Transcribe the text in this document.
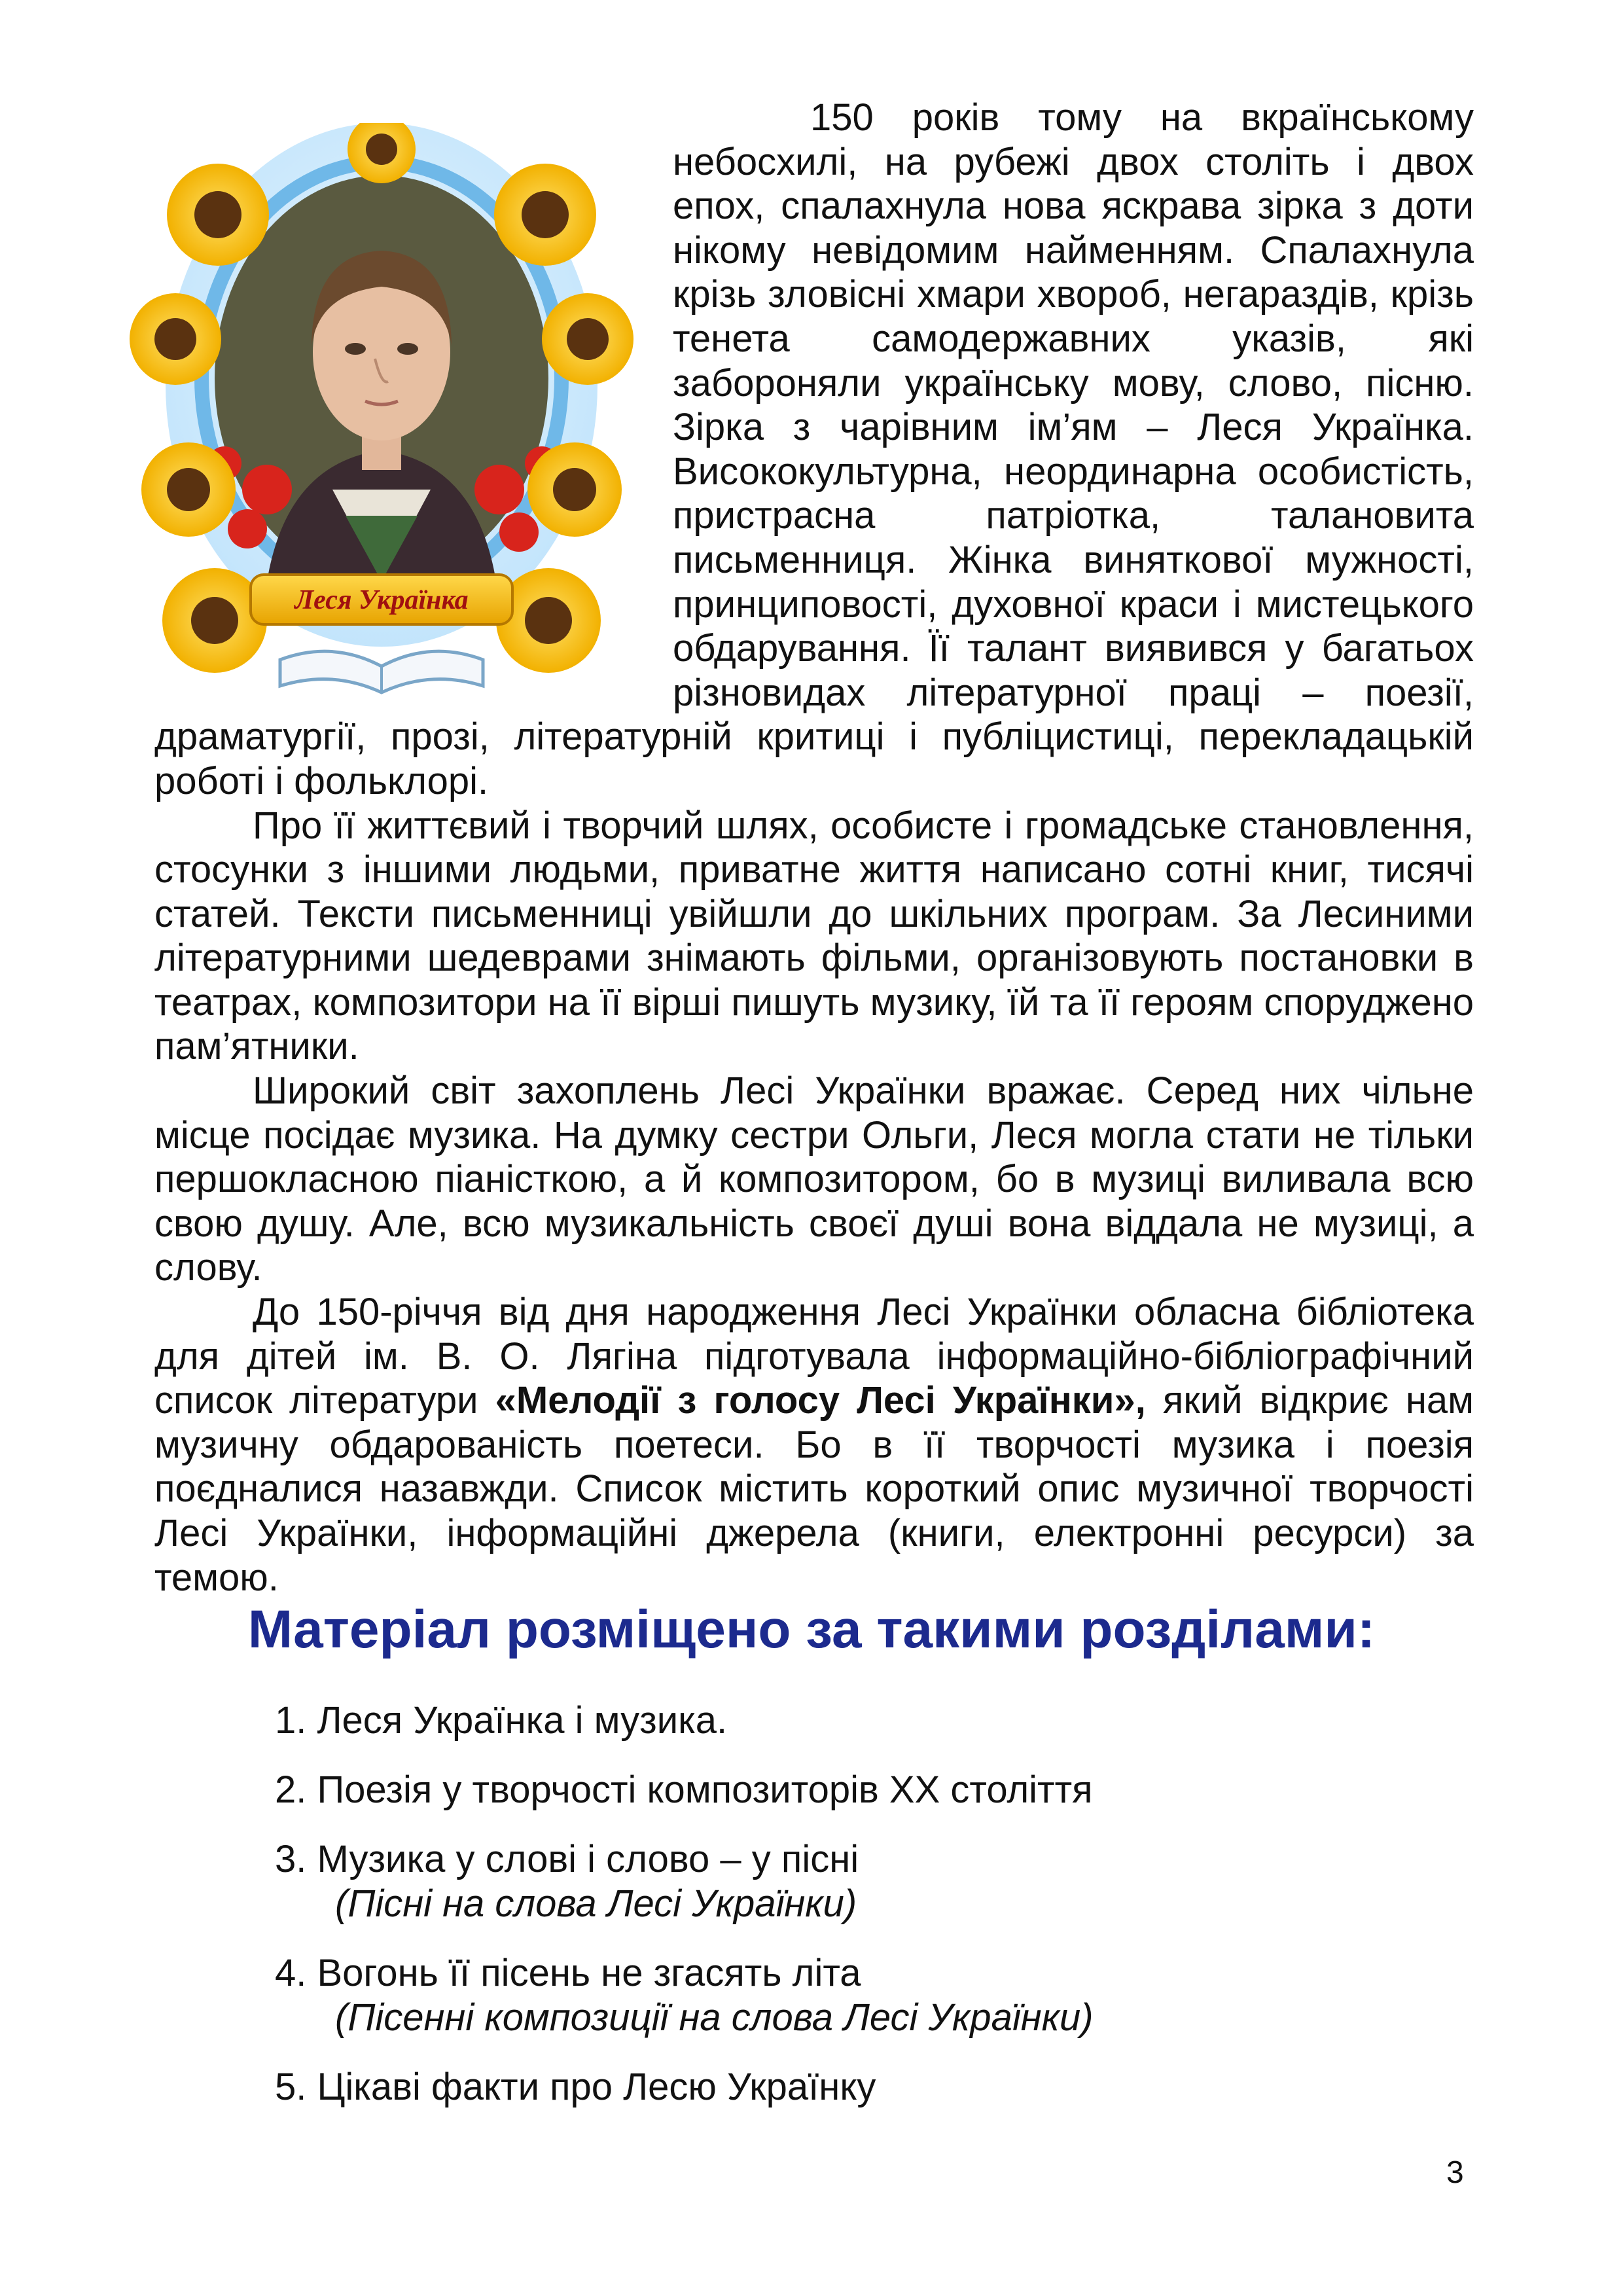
Леся Українка

150 років тому на вкраїнському небосхилі, на рубежі двох століть і двох епох, спалахнула нова яскрава зірка з доти нікому невідомим найменням. Спалахнула крізь зловісні хмари хвороб, негараздів, крізь тенета самодержавних указів, які забороняли українську мову, слово, пісню. Зірка з чарівним ім’ям – Леся Українка. Висококультурна, неординарна особистість, пристрасна патріотка, талановита письменниця. Жінка виняткової мужності, принциповості, духовної краси і мистецького обдарування. Її талант виявився у багатьох різновидах літературної праці – поезії, драматургії, прозі, літературній критиці і публіцистиці, перекладацькій роботі і фольклорі.

Про її життєвий і творчий шлях, особисте і громадське становлення, стосунки з іншими людьми, приватне життя написано сотні книг, тисячі статей. Тексти письменниці увійшли до шкільних програм. За Лесиними літературними шедеврами знімають фільми, організовують постановки в театрах, композитори на її вірші пишуть музику, їй та її героям споруджено пам’ятники.

Широкий світ захоплень Лесі Українки вражає. Серед них чільне місце посідає музика. На думку сестри Ольги, Леся могла стати не тільки першокласною піаністкою, а й композитором, бо в музиці виливала всю свою душу. Але, всю музикальність своєї душі вона віддала не музиці, а слову.

До 150-річчя від дня народження Лесі Українки обласна бібліотека для дітей ім. В. О. Лягіна підготувала інформаційно-бібліографічний список літератури «Мелодії з голосу Лесі Українки», який відкриє нам музичну обдарованість поетеси. Бо в її творчості музика і поезія поєдналися назавжди. Список містить короткий опис музичної творчості Лесі Українки, інформаційні джерела (книги, електронні ресурси) за темою.

Матеріал розміщено за такими розділами:
1. Леся Українка і музика.
2. Поезія у творчості композиторів ХХ століття
3. Музика у слові і слово – у пісні
(Пісні на слова Лесі Українки)
4. Вогонь її пісень не згасять літа
(Пісенні композиції на слова Лесі Українки)
5. Цікаві факти про Лесю Українку
3
